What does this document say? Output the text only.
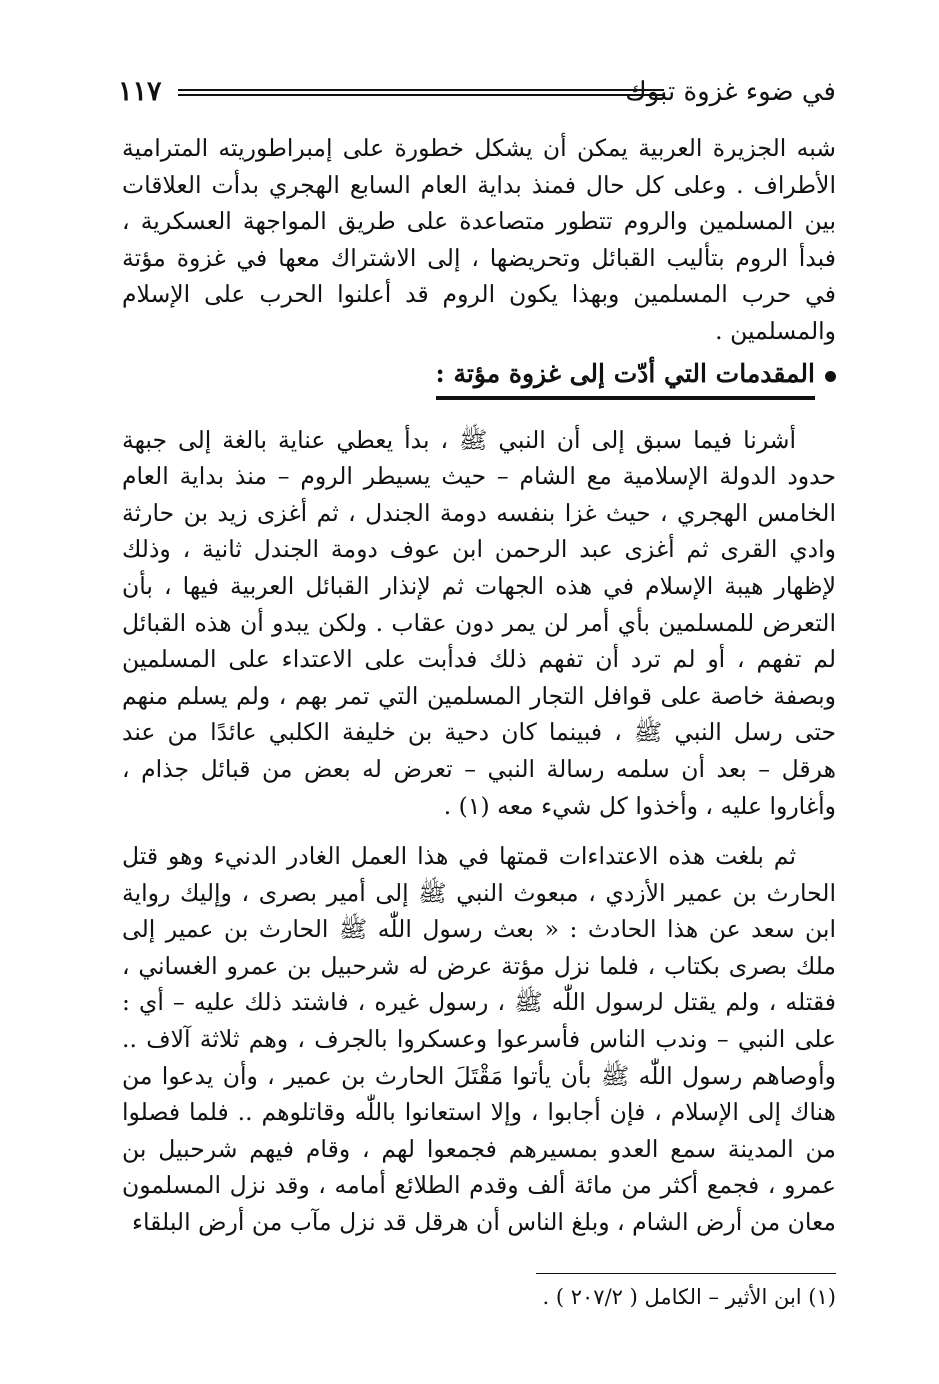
١١٧	في ضوء غزوة تبوك

شبه الجزيرة العربية يمكن أن يشكل خطورة على إمبراطوريته المترامية الأطراف . وعلى كل حال فمنذ بداية العام السابع الهجري بدأت العلاقات بين المسلمين والروم تتطور متصاعدة على طريق المواجهة العسكرية ، فبدأ الروم بتأليب القبائل وتحريضها ، إلى الاشتراك معها في غزوة مؤتة في حرب المسلمين وبهذا يكون الروم قد أعلنوا الحرب على الإسلام والمسلمين .

المقدمات التي أدّت إلى غزوة مؤتة :

أشرنا فيما سبق إلى أن النبي ﷺ ، بدأ يعطي عناية بالغة إلى جبهة حدود الدولة الإسلامية مع الشام – حيث يسيطر الروم – منذ بداية العام الخامس الهجري ، حيث غزا بنفسه دومة الجندل ، ثم أغزى زيد بن حارثة وادي القرى ثم أغزى عبد الرحمن ابن عوف دومة الجندل ثانية ، وذلك لإظهار هيبة الإسلام في هذه الجهات ثم لإنذار القبائل العربية فيها ، بأن التعرض للمسلمين بأي أمر لن يمر دون عقاب . ولكن يبدو أن هذه القبائل لم تفهم ، أو لم ترد أن تفهم ذلك فدأبت على الاعتداء على المسلمين وبصفة خاصة على قوافل التجار المسلمين التي تمر بهم ، ولم يسلم منهم حتى رسل النبي ﷺ ، فبينما كان دحية بن خليفة الكلبي عائدًا من عند هرقل – بعد أن سلمه رسالة النبي – تعرض له بعض من قبائل جذام ، وأغاروا عليه ، وأخذوا كل شيء معه (١) .

ثم بلغت هذه الاعتداءات قمتها في هذا العمل الغادر الدنيء وهو قتل الحارث بن عمير الأزدي ، مبعوث النبي ﷺ إلى أمير بصرى ، وإليك رواية ابن سعد عن هذا الحادث : « بعث رسول اللّٰه ﷺ الحارث بن عمير إلى ملك بصرى بكتاب ، فلما نزل مؤتة عرض له شرحبيل بن عمرو الغساني ، فقتله ، ولم يقتل لرسول اللّٰه ﷺ ، رسول غيره ، فاشتد ذلك عليه – أي : على النبي – وندب الناس فأسرعوا وعسكروا بالجرف ، وهم ثلاثة آلاف .. وأوصاهم رسول اللّٰه ﷺ بأن يأتوا مَقْتَلَ الحارث بن عمير ، وأن يدعوا من هناك إلى الإسلام ، فإن أجابوا ، وإلا استعانوا باللّٰه وقاتلوهم .. فلما فصلوا من المدينة سمع العدو بمسيرهم فجمعوا لهم ، وقام فيهم شرحبيل بن عمرو ، فجمع أكثر من مائة ألف وقدم الطلائع أمامه ، وقد نزل المسلمون معان من أرض الشام ، وبلغ الناس أن هرقل قد نزل مآب من أرض البلقاء

(١) ابن الأثير – الكامل ( ٢٠٧/٢ ) .
